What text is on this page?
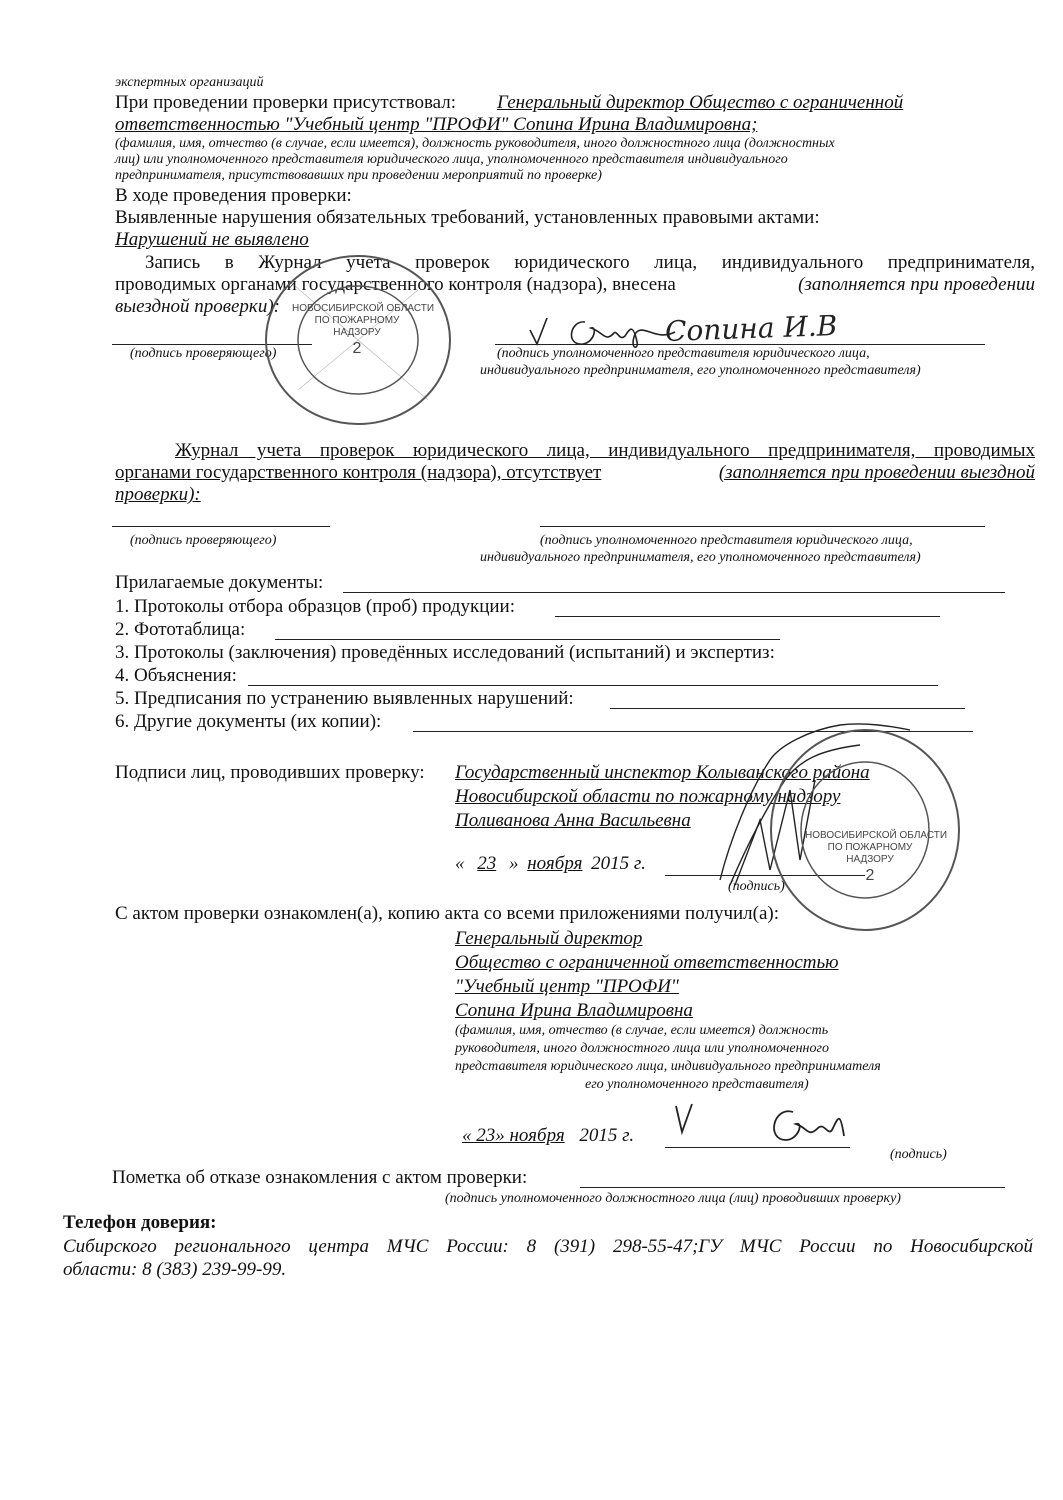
экспертных организаций
При проведении проверки присутствовал: Генеральный директор Общество с ограниченной
ответственностью "Учебный центр "ПРОФИ" Сопина Ирина Владимировна;
(фамилия, имя, отчество (в случае, если имеется), должность руководителя, иного должностного лица (должностных
лиц) или уполномоченного представителя юридического лица, уполномоченного представителя индивидуального
предпринимателя, присутствовавших при проведении мероприятий по проверке)
В ходе проведения проверки:
Выявленные нарушения обязательных требований, установленных правовыми актами:
Нарушений не выявлено
Запись в Журнал учета проверок юридического лица, индивидуального предпринимателя,
проводимых органами государственного контроля (надзора), внесена	(заполняется при проведении
выездной проверки):
(подпись проверяющего)	(подпись уполномоченного представителя юридического лица,
индивидуального предпринимателя, его уполномоченного представителя)
Сопина И.В
НОВОСИБИРСКОЙ ОБЛАСТИ
ПО ПОЖАРНОМУ
НАДЗОРУ
2
Журнал учета проверок юридического лица, индивидуального предпринимателя, проводимых
органами государственного контроля (надзора), отсутствует	(заполняется при проведении выездной
проверки):
(подпись проверяющего)	(подпись уполномоченного представителя юридического лица,
индивидуального предпринимателя, его уполномоченного представителя)
Прилагаемые документы:
1. Протоколы отбора образцов (проб) продукции:
2. Фототаблица:
3. Протоколы (заключения) проведённых исследований (испытаний) и экспертиз:
4. Объяснения:
5. Предписания по устранению выявленных нарушений:
6. Другие документы (их копии):
Подписи лиц, проводивших проверку: Государственный инспектор Колыванского района
Новосибирской области по пожарному надзору
Поливанова Анна Васильевна
« 23 » ноября 2015 г.
(подпись)
НОВОСИБИРСКОЙ ОБЛАСТИ
ПО ПОЖАРНОМУ
НАДЗОРУ
2
С актом проверки ознакомлен(а), копию акта со всеми приложениями получил(а):
Генеральный директор
Общество с ограниченной ответственностью
"Учебный центр "ПРОФИ"
Сопина Ирина Владимировна
(фамилия, имя, отчество (в случае, если имеется) должность
руководителя, иного должностного лица или уполномоченного
представителя юридического лица, индивидуального предпринимателя
его уполномоченного представителя)
« 23» ноября 2015 г.
(подпись)
Пометка об отказе ознакомления с актом проверки:
(подпись уполномоченного должностного лица (лиц) проводивших проверку)
Телефон доверия:
Сибирского регионального центра МЧС России: 8 (391) 298-55-47;ГУ МЧС России по Новосибирской
области: 8 (383) 239-99-99.
